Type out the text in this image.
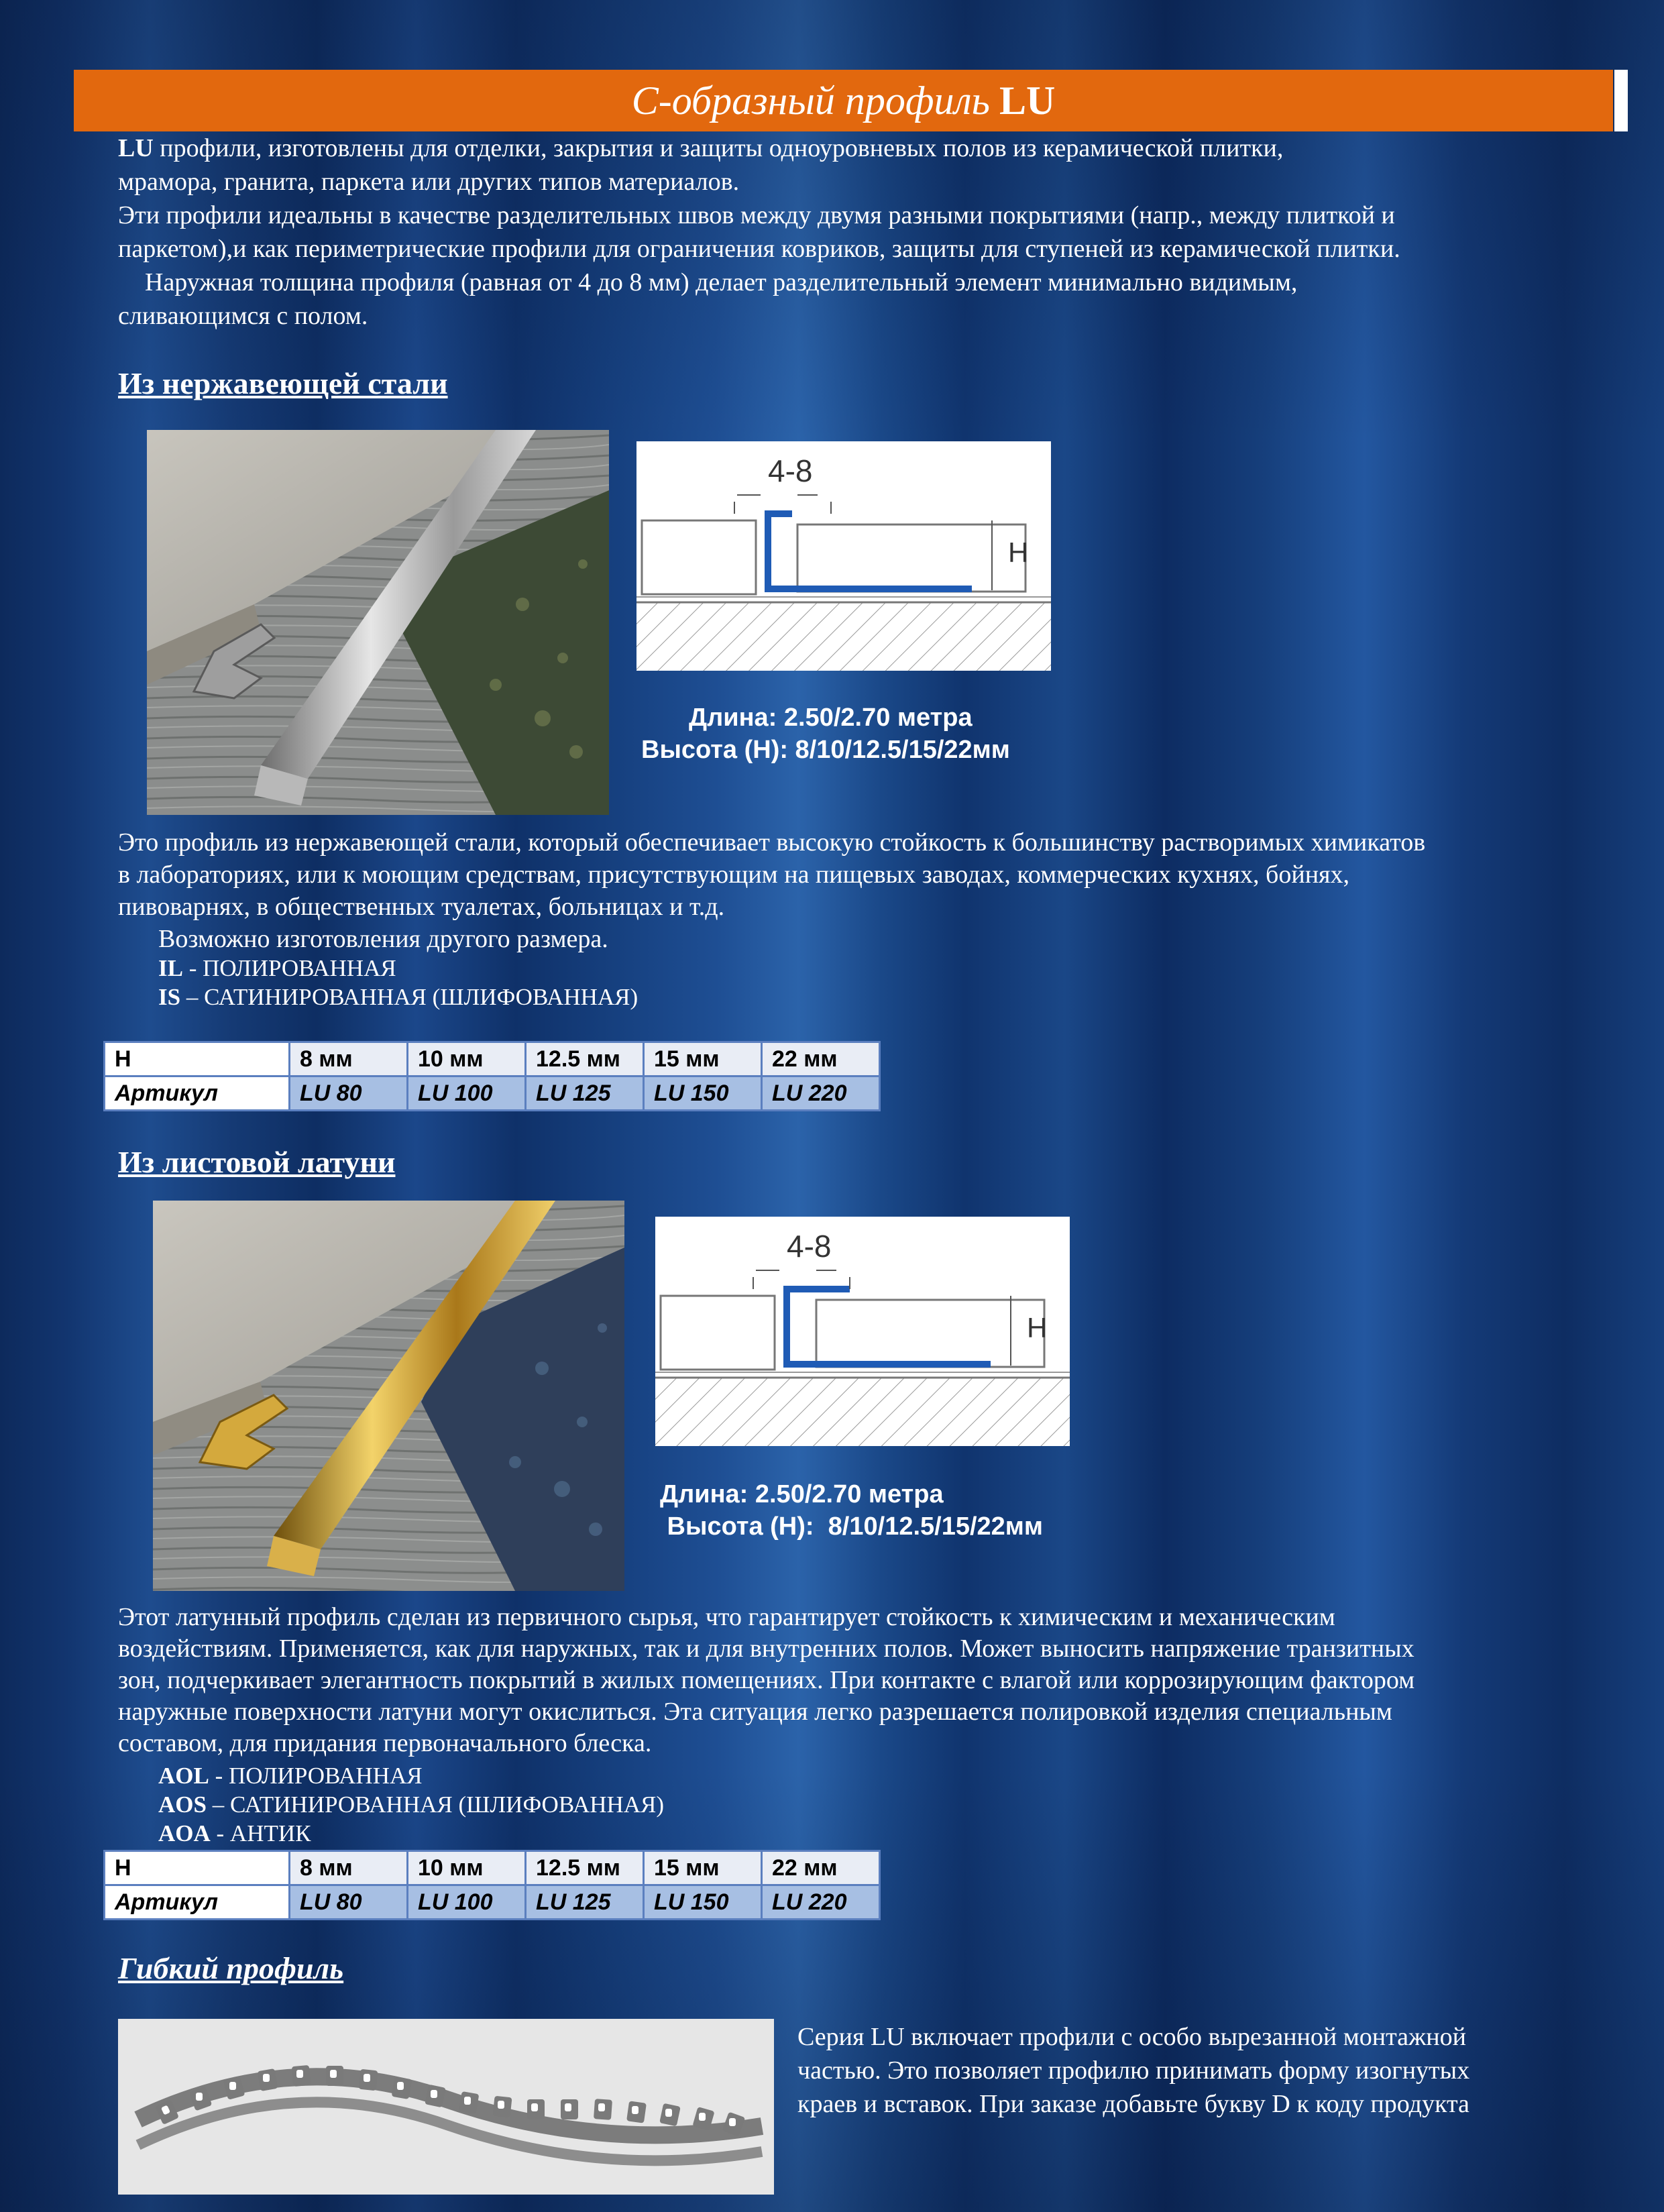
С-образный профиль LU
LU профили, изготовлены для отделки, закрытия и защиты одноуровневых полов из керамической плитки,
мрамора, гранита, паркета или других типов материалов.
Эти профили идеальны в качестве разделительных швов между двумя разными покрытиями (напр., между плиткой и
паркетом),и как периметрические профили для ограничения ковриков, защиты для ступеней из керамической плитки.
Наружная толщина профиля (равная от 4 до 8 мм) делает разделительный элемент минимально видимым,
сливающимся с полом.
Из нержавеющей стали
4-8
H
Длина: 2.50/2.70 метра
Высота (H): 8/10/12.5/15/22мм
Это профиль из нержавеющей стали, который обеспечивает высокую стойкость к большинству растворимых химикатов
в лабораториях, или к моющим средствам, присутствующим на пищевых заводах, коммерческих кухнях, бойнях,
пивоварнях, в общественных туалетах, больницах и т.д.
Возможно изготовления другого размера.
IL - ПОЛИРОВАННАЯ
IS – САТИНИРОВАННАЯ (ШЛИФОВАННАЯ)
H	8 мм	10 мм	12.5 мм	15 мм	22 мм
Артикул	LU 80	LU 100	LU 125	LU 150	LU 220
Из листовой латуни
4-8
H
Длина: 2.50/2.70 метра
Высота (H):  8/10/12.5/15/22мм
Этот латунный профиль сделан из первичного сырья, что гарантирует стойкость к химическим и механическим
воздействиям. Применяется, как для наружных, так и для внутренних полов. Может выносить напряжение транзитных
зон, подчеркивает элегантность покрытий в жилых помещениях. При контакте с влагой или коррозирующим фактором
наружные поверхности латуни могут окислиться. Эта ситуация легко разрешается полировкой изделия специальным
составом, для придания первоначального блеска.
AOL - ПОЛИРОВАННАЯ
AOS – САТИНИРОВАННАЯ (ШЛИФОВАННАЯ)
AOA - АНТИК
H	8 мм	10 мм	12.5 мм	15 мм	22 мм
Артикул	LU 80	LU 100	LU 125	LU 150	LU 220
Гибкий профиль
Серия LU включает профили с особо вырезанной монтажной
частью. Это позволяет профилю принимать форму изогнутых
краев и вставок. При заказе добавьте букву D к коду продукта
